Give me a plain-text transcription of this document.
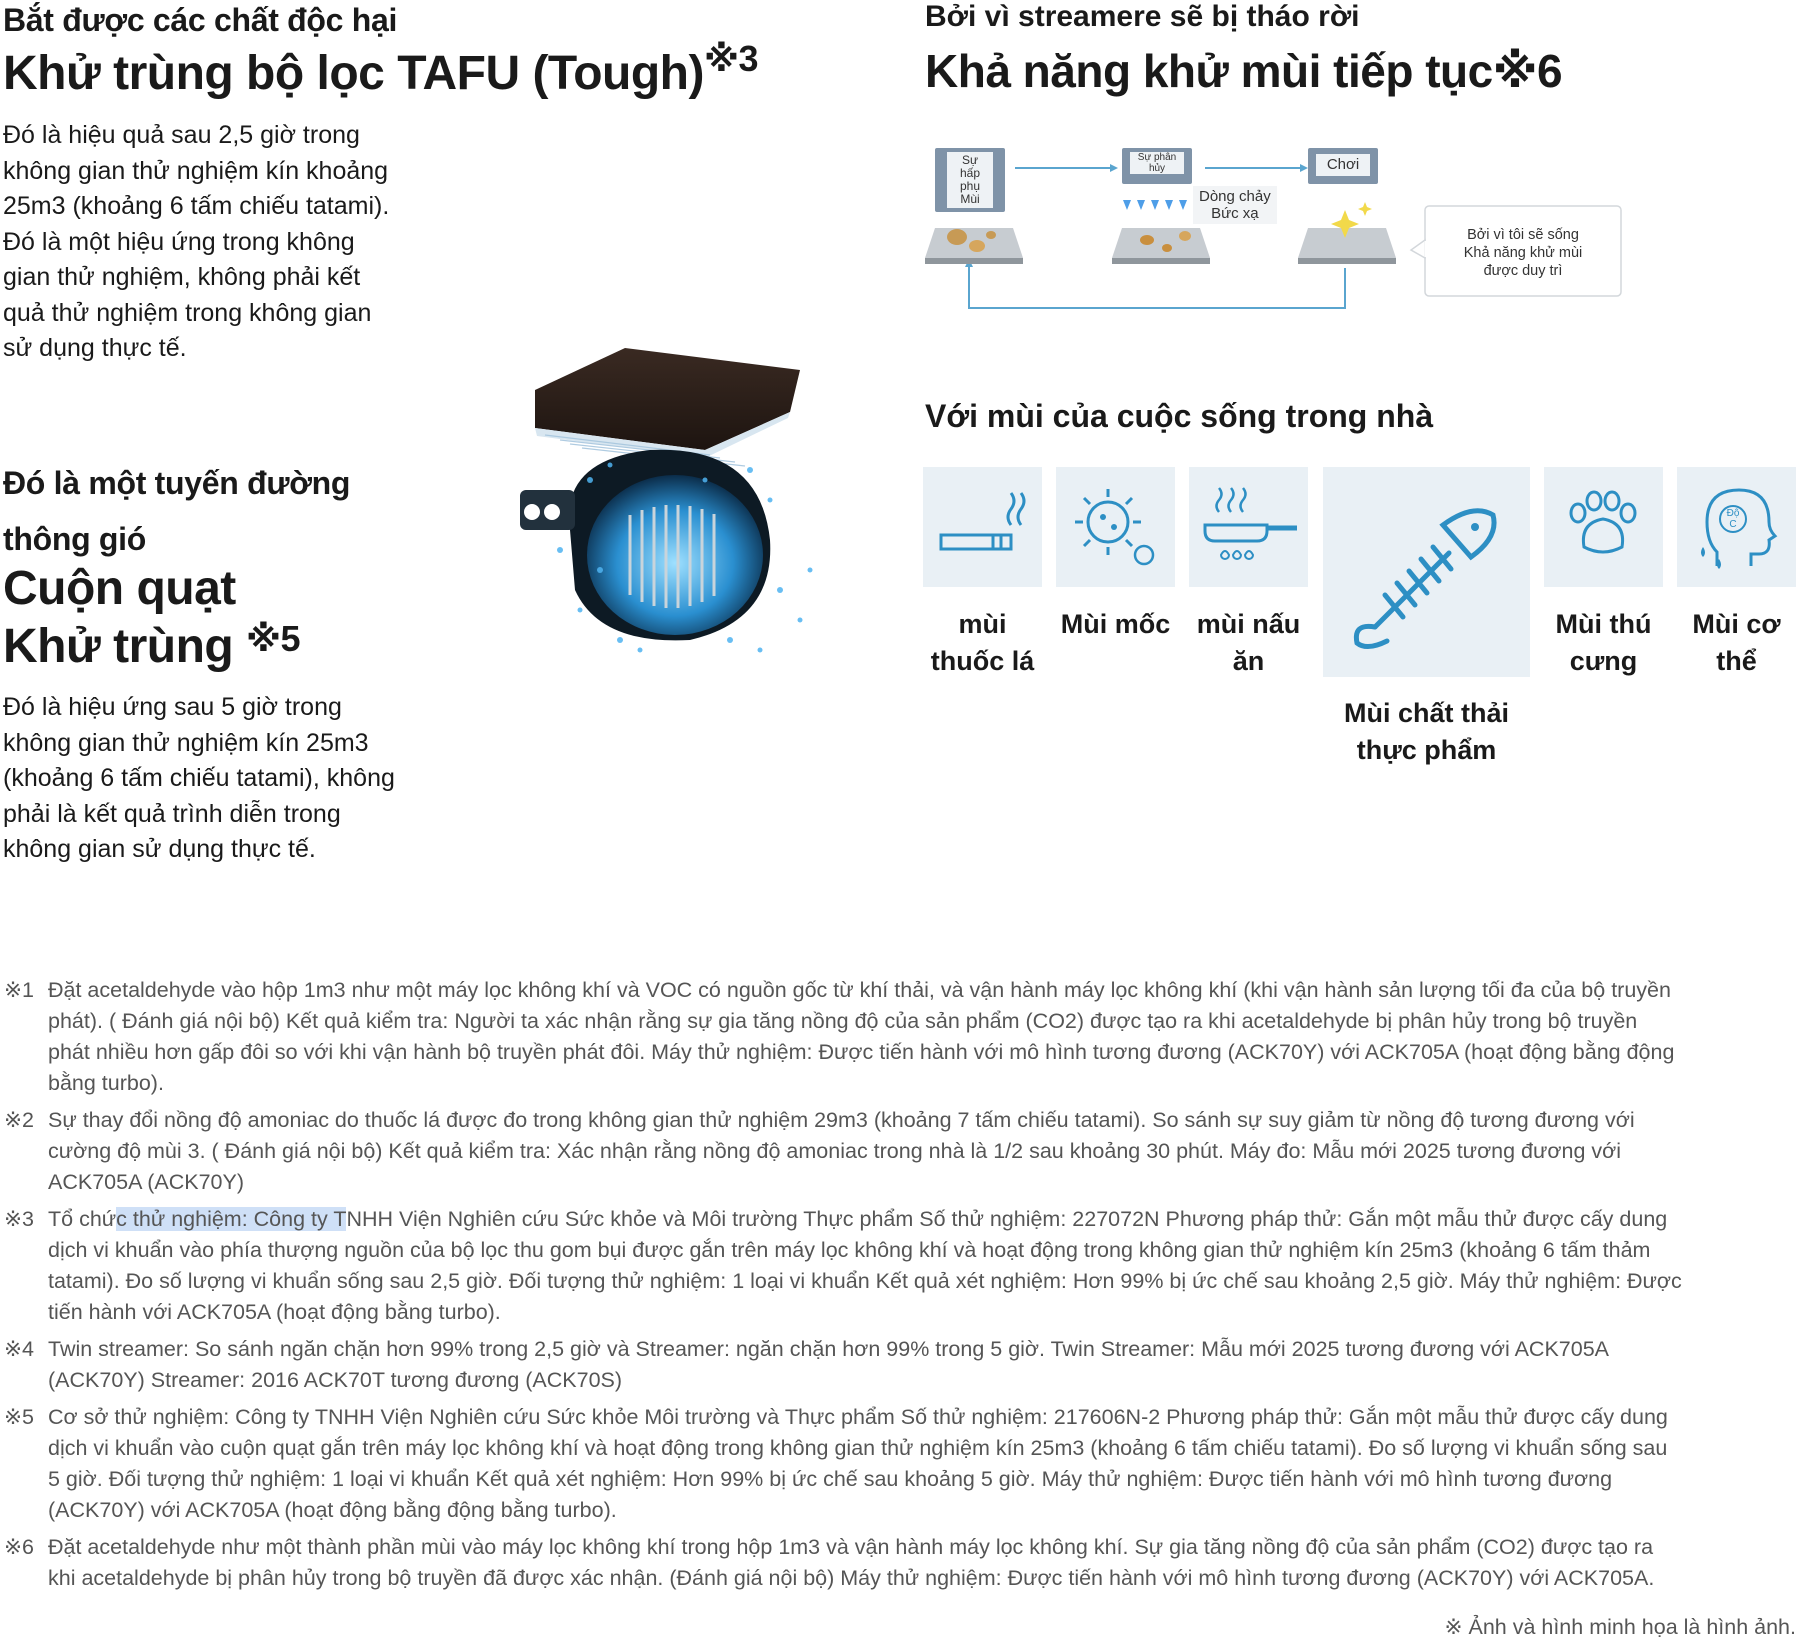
Bắt được các chất độc hại
Khử trùng bộ lọc TAFU (Tough)$^{※3}$
Đó là hiệu quả sau 2,5 giờ trong
không gian thử nghiệm kín khoảng
25m3 (khoảng 6 tấm chiếu tatami).
Đó là một hiệu ứng trong không
gian thử nghiệm, không phải kết
quả thử nghiệm trong không gian
sử dụng thực tế.
Đó là một tuyến đường
thông gió
Cuộn quạt
Khử trùng $^{※5}$
Đó là hiệu ứng sau 5 giờ trong
không gian thử nghiệm kín 25m3
(khoảng 6 tấm chiếu tatami), không
phải là kết quả trình diễn trong
không gian sử dụng thực tế.
Bởi vì streamere sẽ bị tháo rời
Khả năng khử mùi tiếp tục※6
Sự
hấp
phụ
Mùi
Sự phân
hủy
Dòng chảy
Bức xạ
Chơi
Bởi vì tôi sẽ sống
Khả năng khử mùi
được duy trì
Với mùi của cuộc sống trong nhà
mùi
thuốc lá
Mùi mốc mùi nấu
ăn
Mùi chất thải
thực phẩm
Mùi thú
cưng
Độ
C
Mùi cơ
thể
※1 Đặt acetaldehyde vào hộp 1m3 như một máy lọc không khí và VOC có nguồn gốc từ khí thải, và vận hành máy lọc không khí (khi vận hành sản lượng tối đa của bộ truyền
phát). ( Đánh giá nội bộ) Kết quả kiểm tra: Người ta xác nhận rằng sự gia tăng nồng độ của sản phẩm (CO2) được tạo ra khi acetaldehyde bị phân hủy trong bộ truyền
phát nhiều hơn gấp đôi so với khi vận hành bộ truyền phát đôi. Máy thử nghiệm: Được tiến hành với mô hình tương đương (ACK70Y) với ACK705A (hoạt động bằng động
bằng turbo).
※2 Sự thay đổi nồng độ amoniac do thuốc lá được đo trong không gian thử nghiệm 29m3 (khoảng 7 tấm chiếu tatami). So sánh sự suy giảm từ nồng độ tương đương với
cường độ mùi 3. ( Đánh giá nội bộ) Kết quả kiểm tra: Xác nhận rằng nồng độ amoniac trong nhà là 1/2 sau khoảng 30 phút. Máy đo: Mẫu mới 2025 tương đương với
ACK705A (ACK70Y)
※3 Tổ chức thử nghiệm: Công ty TNHH Viện Nghiên cứu Sức khỏe và Môi trường Thực phẩm Số thử nghiệm: 227072N Phương pháp thử: Gắn một mẫu thử được cấy dung
dịch vi khuẩn vào phía thượng nguồn của bộ lọc thu gom bụi được gắn trên máy lọc không khí và hoạt động trong không gian thử nghiệm kín 25m3 (khoảng 6 tấm thảm
tatami). Đo số lượng vi khuẩn sống sau 2,5 giờ. Đối tượng thử nghiệm: 1 loại vi khuẩn Kết quả xét nghiệm: Hơn 99% bị ức chế sau khoảng 2,5 giờ. Máy thử nghiệm: Được
tiến hành với ACK705A (hoạt động bằng turbo).
※4 Twin streamer: So sánh ngăn chặn hơn 99% trong 2,5 giờ và Streamer: ngăn chặn hơn 99% trong 5 giờ. Twin Streamer: Mẫu mới 2025 tương đương với ACK705A
(ACK70Y) Streamer: 2016 ACK70T tương đương (ACK70S)
※5 Cơ sở thử nghiệm: Công ty TNHH Viện Nghiên cứu Sức khỏe Môi trường và Thực phẩm Số thử nghiệm: 217606N-2 Phương pháp thử: Gắn một mẫu thử được cấy dung
dịch vi khuẩn vào cuộn quạt gắn trên máy lọc không khí và hoạt động trong không gian thử nghiệm kín 25m3 (khoảng 6 tấm chiếu tatami). Đo số lượng vi khuẩn sống sau
5 giờ. Đối tượng thử nghiệm: 1 loại vi khuẩn Kết quả xét nghiệm: Hơn 99% bị ức chế sau khoảng 5 giờ. Máy thử nghiệm: Được tiến hành với mô hình tương đương
(ACK70Y) với ACK705A (hoạt động bằng động bằng turbo).
※6 Đặt acetaldehyde như một thành phần mùi vào máy lọc không khí trong hộp 1m3 và vận hành máy lọc không khí. Sự gia tăng nồng độ của sản phẩm (CO2) được tạo ra
khi acetaldehyde bị phân hủy trong bộ truyền đã được xác nhận. (Đánh giá nội bộ) Máy thử nghiệm: Được tiến hành với mô hình tương đương (ACK70Y) với ACK705A.
※ Ảnh và hình minh họa là hình ảnh.
